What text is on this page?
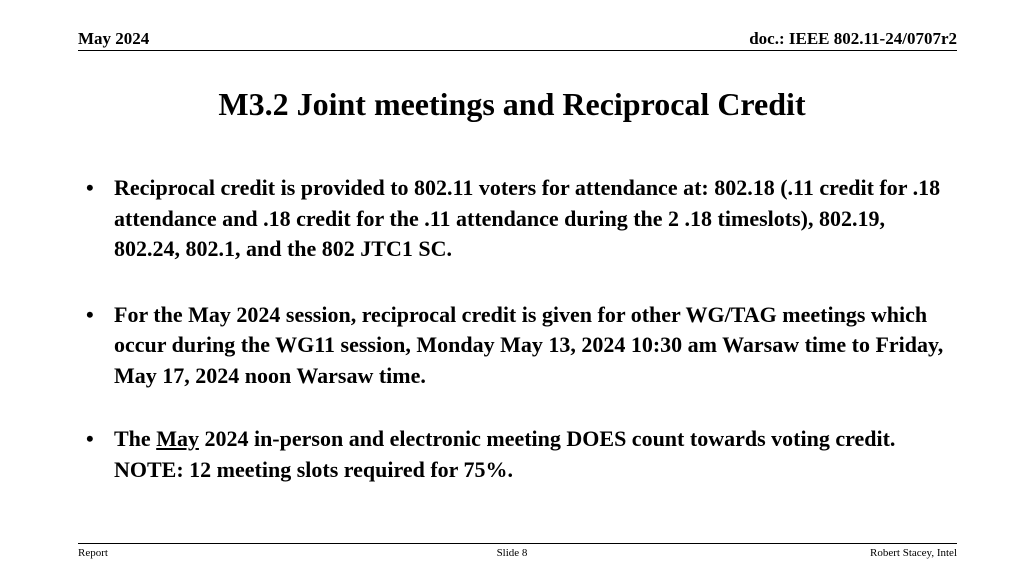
May 2024	doc.: IEEE 802.11-24/0707r2
M3.2 Joint meetings and Reciprocal Credit
• Reciprocal credit is provided to 802.11 voters for attendance at: 802.18 (.11 credit for .18 attendance and .18 credit for the .11 attendance during the 2 .18 timeslots), 802.19, 802.24, 802.1, and the 802 JTC1 SC.
• For the May 2024 session, reciprocal credit is given for other WG/TAG meetings which occur during the WG11 session, Monday May 13, 2024 10:30 am Warsaw time to Friday, May 17, 2024 noon Warsaw time.
• The May 2024 in-person and electronic meeting DOES count towards voting credit. NOTE: 12 meeting slots required for 75%.
Report	Slide 8	Robert Stacey, Intel
